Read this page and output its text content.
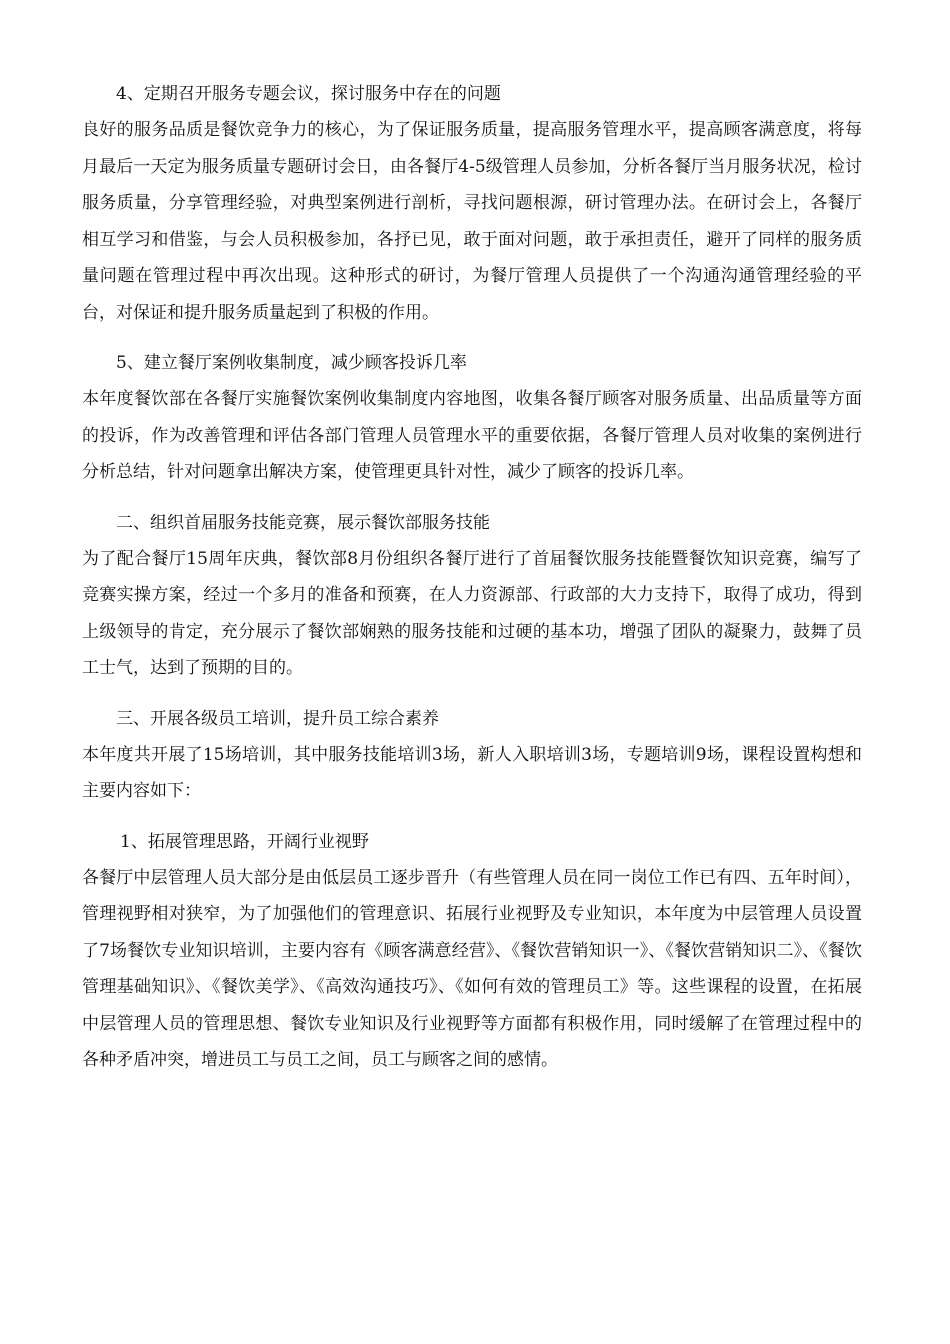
4、定期召开服务专题会议，探讨服务中存在的问题

良好的服务品质是餐饮竞争力的核心，为了保证服务质量，提高服务管理水平，提高顾客满意度，将每月最后一天定为服务质量专题研讨会日，由各餐厅4-5级管理人员参加，分析各餐厅当月服务状况，检讨服务质量，分享管理经验，对典型案例进行剖析，寻找问题根源，研讨管理办法。在研讨会上，各餐厅相互学习和借鉴，与会人员积极参加，各抒已见，敢于面对问题，敢于承担责任，避开了同样的服务质量问题在管理过程中再次出现。这种形式的研讨，为餐厅管理人员提供了一个沟通沟通管理经验的平台，对保证和提升服务质量起到了积极的作用。

5、建立餐厅案例收集制度，减少顾客投诉几率

本年度餐饮部在各餐厅实施餐饮案例收集制度内容地图，收集各餐厅顾客对服务质量、出品质量等方面的投诉，作为改善管理和评估各部门管理人员管理水平的重要依据，各餐厅管理人员对收集的案例进行分析总结，针对问题拿出解决方案，使管理更具针对性，减少了顾客的投诉几率。

二、组织首届服务技能竞赛，展示餐饮部服务技能

为了配合餐厅15周年庆典，餐饮部8月份组织各餐厅进行了首届餐饮服务技能暨餐饮知识竞赛，编写了竞赛实操方案，经过一个多月的准备和预赛，在人力资源部、行政部的大力支持下，取得了成功，得到上级领导的肯定，充分展示了餐饮部娴熟的服务技能和过硬的基本功，增强了团队的凝聚力，鼓舞了员工士气，达到了预期的目的。

三、开展各级员工培训，提升员工综合素养

本年度共开展了15场培训，其中服务技能培训3场，新人入职培训3场，专题培训9场，课程设置构想和主要内容如下：

1、拓展管理思路，开阔行业视野

各餐厅中层管理人员大部分是由低层员工逐步晋升（有些管理人员在同一岗位工作已有四、五年时间），管理视野相对狭窄，为了加强他们的管理意识、拓展行业视野及专业知识，本年度为中层管理人员设置了7场餐饮专业知识培训，主要内容有《顾客满意经营》、《餐饮营销知识一》、《餐饮营销知识二》、《餐饮管理基础知识》、《餐饮美学》、《高效沟通技巧》、《如何有效的管理员工》等。这些课程的设置，在拓展中层管理人员的管理思想、餐饮专业知识及行业视野等方面都有积极作用，同时缓解了在管理过程中的各种矛盾冲突，增进员工与员工之间，员工与顾客之间的感情。
